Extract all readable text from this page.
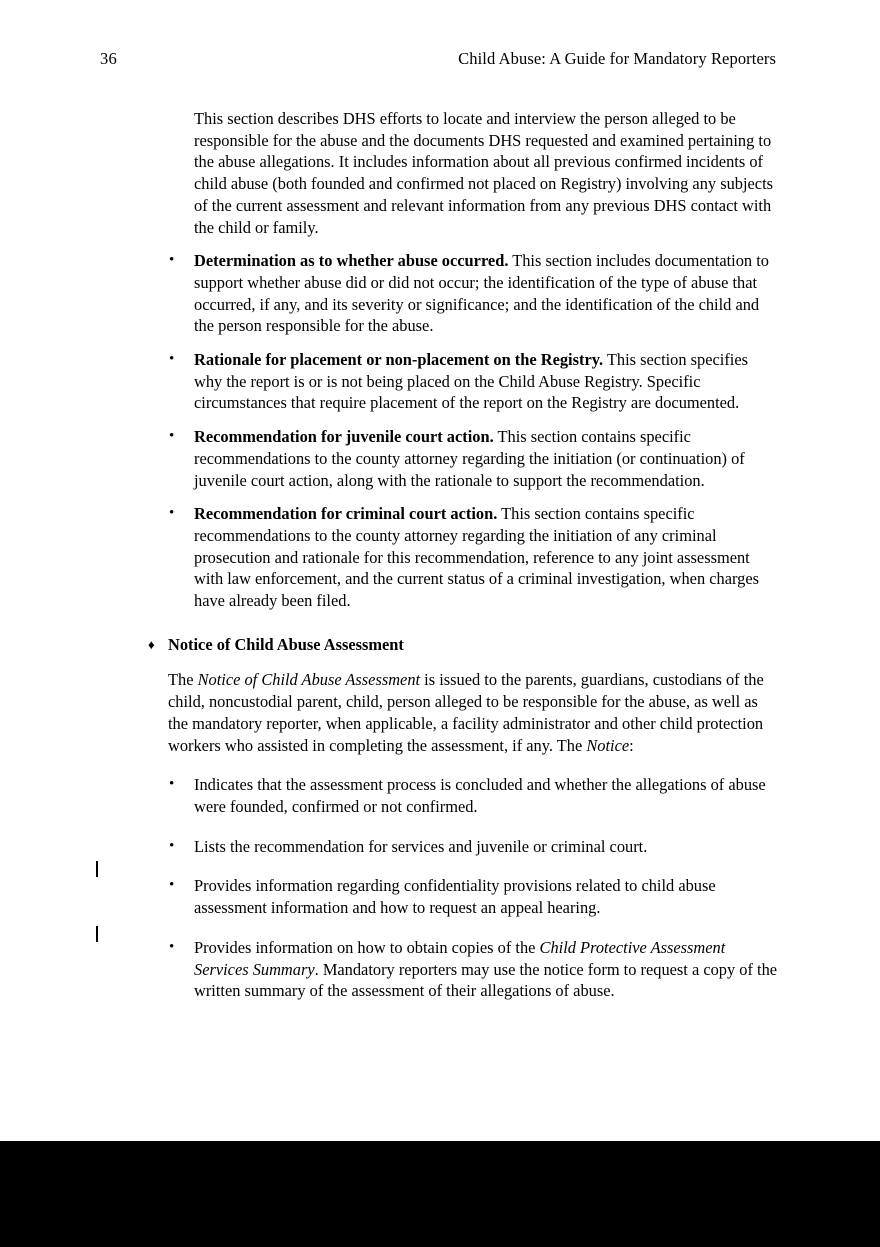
36	Child Abuse: A Guide for Mandatory Reporters

This section describes DHS efforts to locate and interview the person alleged to be responsible for the abuse and the documents DHS requested and examined pertaining to the abuse allegations. It includes information about all previous confirmed incidents of child abuse (both founded and confirmed not placed on Registry) involving any subjects of the current assessment and relevant information from any previous DHS contact with the child or family.

• Determination as to whether abuse occurred. This section includes documentation to support whether abuse did or did not occur; the identification of the type of abuse that occurred, if any, and its severity or significance; and the identification of the child and the person responsible for the abuse.
• Rationale for placement or non-placement on the Registry. This section specifies why the report is or is not being placed on the Child Abuse Registry. Specific circumstances that require placement of the report on the Registry are documented.
• Recommendation for juvenile court action. This section contains specific recommendations to the county attorney regarding the initiation (or continuation) of juvenile court action, along with the rationale to support the recommendation.
• Recommendation for criminal court action. This section contains specific recommendations to the county attorney regarding the initiation of any criminal prosecution and rationale for this recommendation, reference to any joint assessment with law enforcement, and the current status of a criminal investigation, when charges have already been filed.
♦ Notice of Child Abuse Assessment

The Notice of Child Abuse Assessment is issued to the parents, guardians, custodians of the child, noncustodial parent, child, person alleged to be responsible for the abuse, as well as the mandatory reporter, when applicable, a facility administrator and other child protection workers who assisted in completing the assessment, if any. The Notice:

• Indicates that the assessment process is concluded and whether the allegations of abuse were founded, confirmed or not confirmed.
• Lists the recommendation for services and juvenile or criminal court.
• Provides information regarding confidentiality provisions related to child abuse assessment information and how to request an appeal hearing.
• Provides information on how to obtain copies of the Child Protective Assessment Services Summary. Mandatory reporters may use the notice form to request a copy of the written summary of the assessment of their allegations of abuse.
